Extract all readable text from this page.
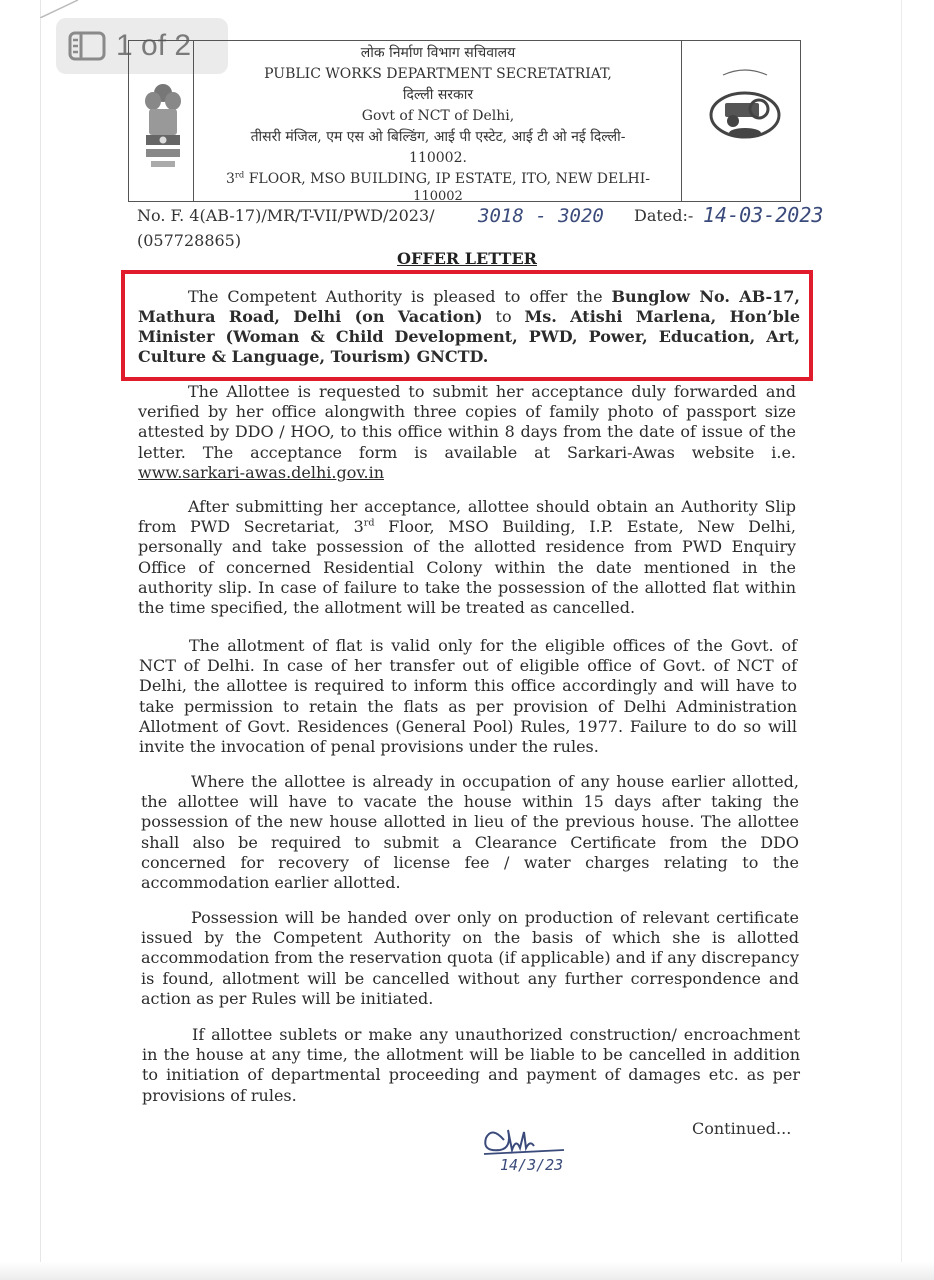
1 of 2	लोक निर्माण विभाग सचिवालय
PUBLIC WORKS DEPARTMENT SECRETATRIAT,
दिल्ली सरकार
Govt of NCT of Delhi,
तीसरी मंजिल, एम एस ओ बिल्डिंग, आई पी एस्टेट, आई टी ओ नई दिल्ली-
110002.
3rd FLOOR, MSO BUILDING, IP ESTATE, ITO, NEW DELHI-
110002
No. F. 4(AB-17)/MR/T-VII/PWD/2023/ 3018 - 3020 Dated:- 14-03-2023
(057728865)
OFFER LETTER

The Competent Authority is pleased to offer the Bunglow No. AB-17, Mathura Road, Delhi (on Vacation) to Ms. Atishi Marlena, Hon’ble Minister (Woman & Child Development, PWD, Power, Education, Art, Culture & Language, Tourism) GNCTD.

The Allottee is requested to submit her acceptance duly forwarded and verified by her office alongwith three copies of family photo of passport size attested by DDO / HOO, to this office within 8 days from the date of issue of the letter. The acceptance form is available at Sarkari-Awas website i.e. www.sarkari-awas.delhi.gov.in

After submitting her acceptance, allottee should obtain an Authority Slip from PWD Secretariat, 3rd Floor, MSO Building, I.P. Estate, New Delhi, personally and take possession of the allotted residence from PWD Enquiry Office of concerned Residential Colony within the date mentioned in the authority slip. In case of failure to take the possession of the allotted flat within the time specified, the allotment will be treated as cancelled.

The allotment of flat is valid only for the eligible offices of the Govt. of NCT of Delhi. In case of her transfer out of eligible office of Govt. of NCT of Delhi, the allottee is required to inform this office accordingly and will have to take permission to retain the flats as per provision of Delhi Administration Allotment of Govt. Residences (General Pool) Rules, 1977. Failure to do so will invite the invocation of penal provisions under the rules.

Where the allottee is already in occupation of any house earlier allotted, the allottee will have to vacate the house within 15 days after taking the possession of the new house allotted in lieu of the previous house. The allottee shall also be required to submit a Clearance Certificate from the DDO concerned for recovery of license fee / water charges relating to the accommodation earlier allotted.

Possession will be handed over only on production of relevant certificate issued by the Competent Authority on the basis of which she is allotted accommodation from the reservation quota (if applicable) and if any discrepancy is found, allotment will be cancelled without any further correspondence and action as per Rules will be initiated.

If allottee sublets or make any unauthorized construction/ encroachment in the house at any time, the allotment will be liable to be cancelled in addition to initiation of departmental proceeding and payment of damages etc. as per provisions of rules.

Continued...
14/3/23
